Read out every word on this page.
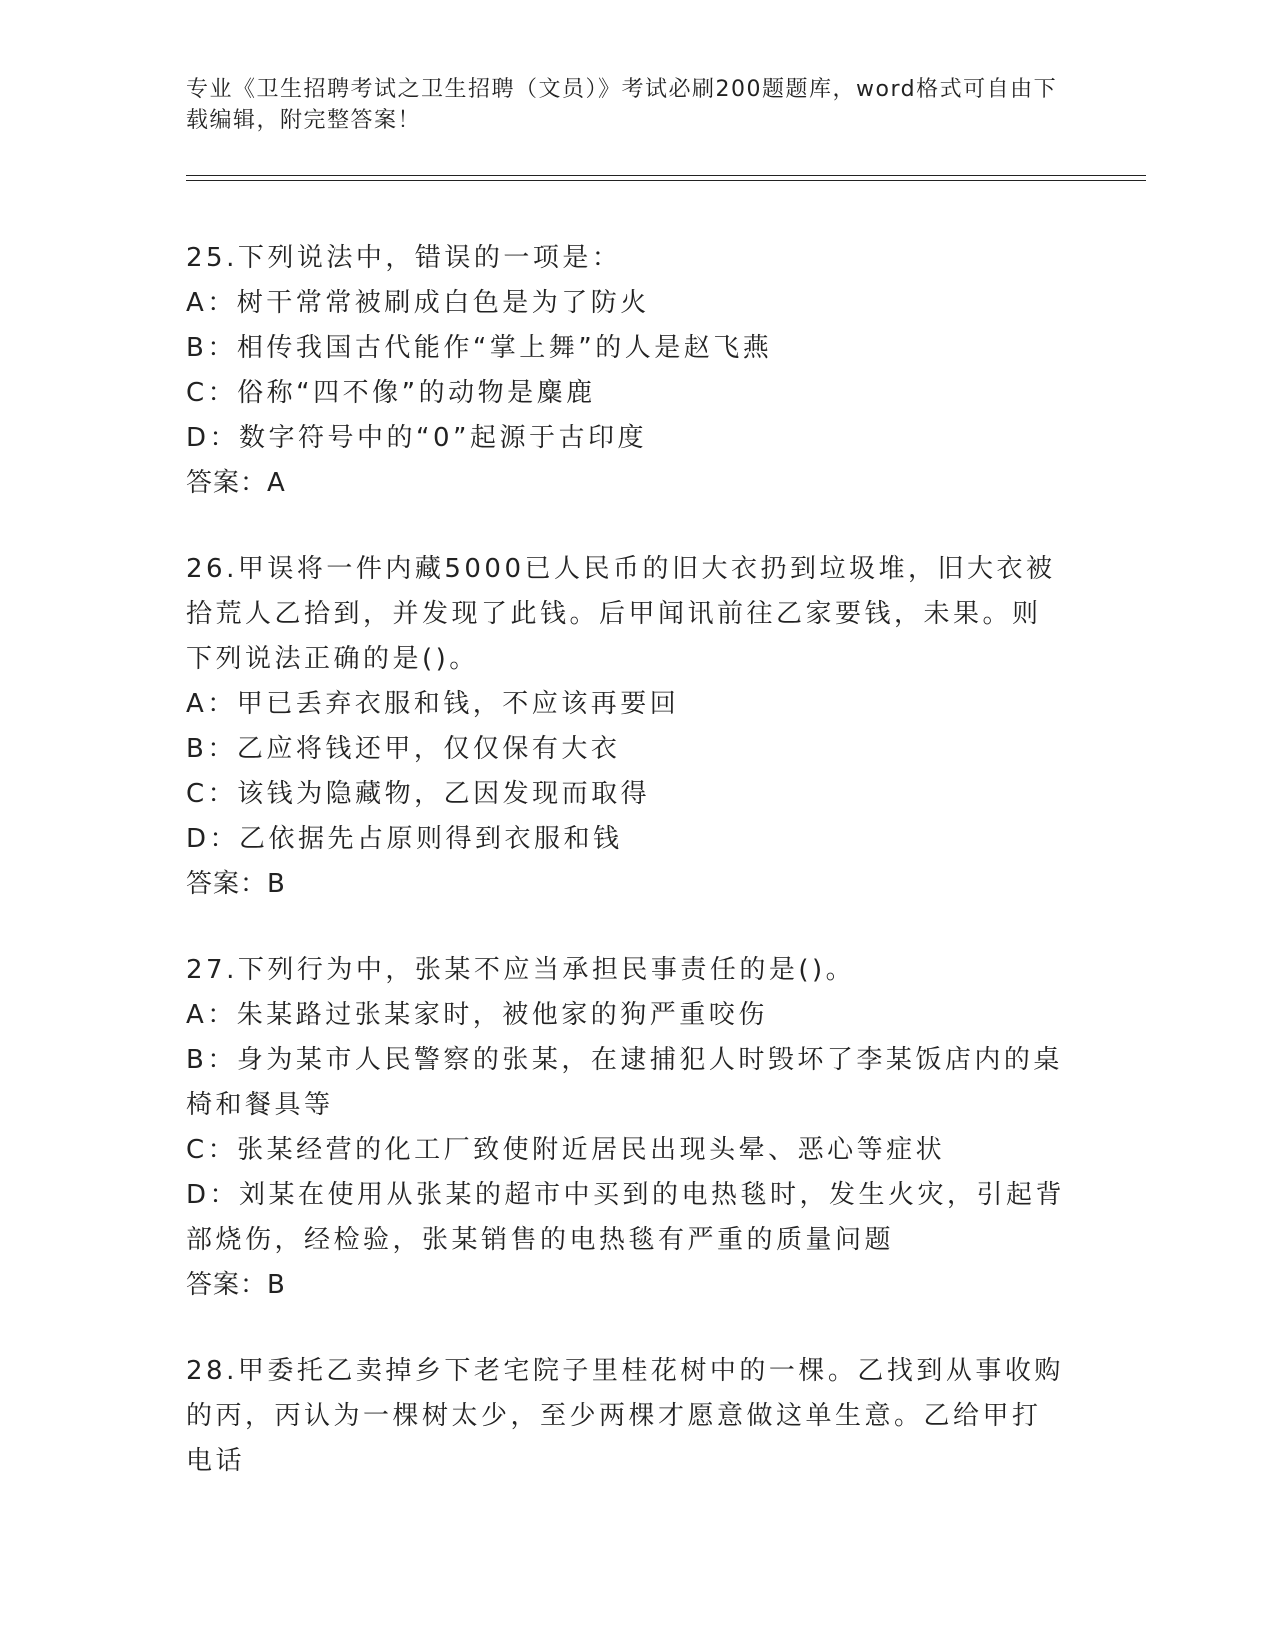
专业《卫生招聘考试之卫生招聘（文员）》考试必刷200题题库，word格式可自由下载编辑，附完整答案！

25.下列说法中，错误的一项是：

A：树干常常被刷成白色是为了防火

B：相传我国古代能作“掌上舞”的人是赵飞燕

C：俗称“四不像”的动物是麋鹿

D：数字符号中的“0”起源于古印度

答案：A

26.甲误将一件内藏5000已人民币的旧大衣扔到垃圾堆，旧大衣被拾荒人乙拾到，并发现了此钱。后甲闻讯前往乙家要钱，未果。则下列说法正确的是()。

A：甲已丢弃衣服和钱，不应该再要回

B：乙应将钱还甲，仅仅保有大衣

C：该钱为隐藏物，乙因发现而取得

D：乙依据先占原则得到衣服和钱

答案：B

27.下列行为中，张某不应当承担民事责任的是()。

A：朱某路过张某家时，被他家的狗严重咬伤

B：身为某市人民警察的张某，在逮捕犯人时毁坏了李某饭店内的桌椅和餐具等

C：张某经营的化工厂致使附近居民出现头晕、恶心等症状

D：刘某在使用从张某的超市中买到的电热毯时，发生火灾，引起背部烧伤，经检验，张某销售的电热毯有严重的质量问题

答案：B

28.甲委托乙卖掉乡下老宅院子里桂花树中的一棵。乙找到从事收购的丙，丙认为一棵树太少，至少两棵才愿意做这单生意。乙给甲打电话
